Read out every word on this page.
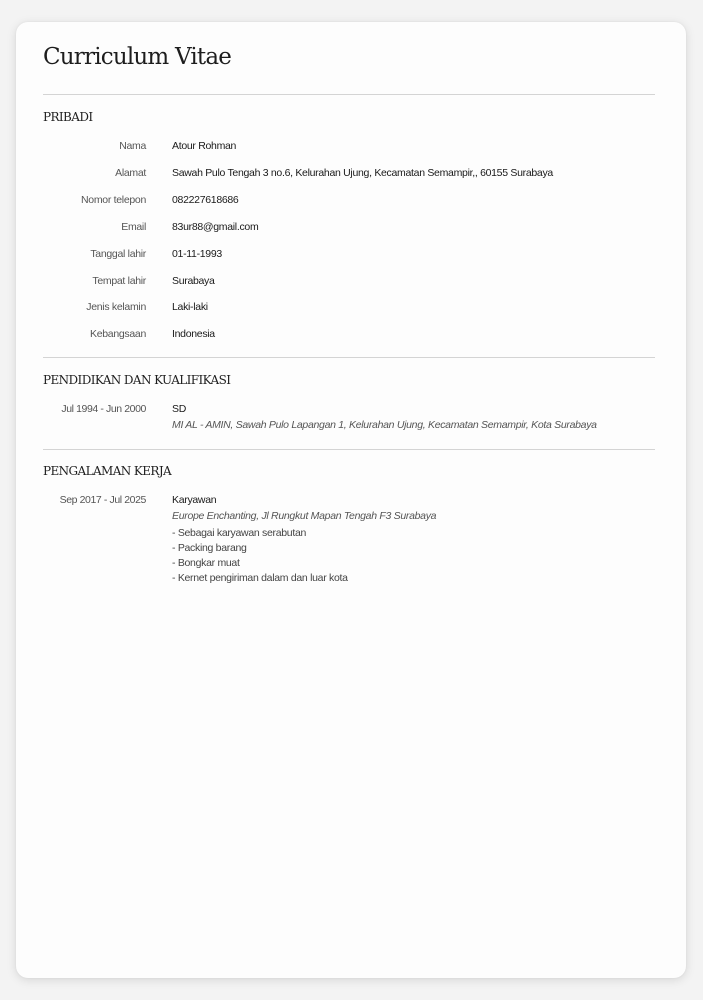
Curriculum Vitae
PRIBADI
Nama Atour Rohman
Alamat Sawah Pulo Tengah 3 no.6, Kelurahan Ujung, Kecamatan Semampir,, 60155 Surabaya
Nomor telepon 082227618686
Email 83ur88@gmail.com
Tanggal lahir 01-11-1993
Tempat lahir Surabaya
Jenis kelamin Laki-laki
Kebangsaan Indonesia
PENDIDIKAN DAN KUALIFIKASI
Jul 1994 - Jun 2000 SD
MI AL - AMIN, Sawah Pulo Lapangan 1, Kelurahan Ujung, Kecamatan Semampir, Kota Surabaya
PENGALAMAN KERJA
Sep 2017 - Jul 2025 Karyawan
Europe Enchanting, Jl Rungkut Mapan Tengah F3 Surabaya
- Sebagai karyawan serabutan
- Packing barang
- Bongkar muat
- Kernet pengiriman dalam dan luar kota
